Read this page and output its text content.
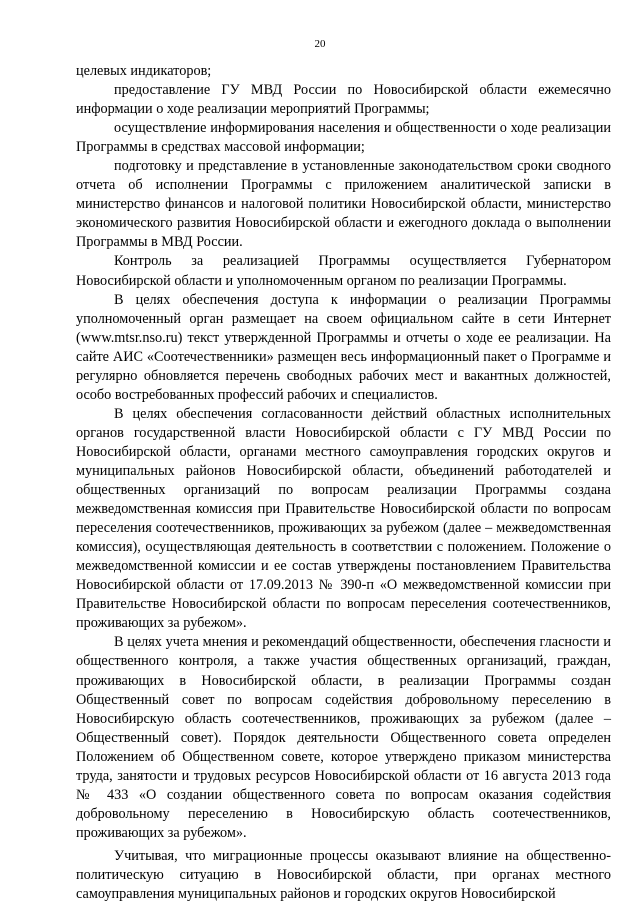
20

целевых индикаторов;

предоставление ГУ МВД России по Новосибирской области ежемесячно информации о ходе реализации мероприятий Программы;

осуществление информирования населения и общественности о ходе реализации Программы в средствах массовой информации;

подготовку и представление в установленные законодательством сроки сводного отчета об исполнении Программы с приложением аналитической записки в министерство финансов и налоговой политики Новосибирской области, министерство экономического развития Новосибирской области и ежегодного доклада о выполнении Программы в МВД России.

Контроль за реализацией Программы осуществляется Губернатором Новосибирской области и уполномоченным органом по реализации Программы.

В целях обеспечения доступа к информации о реализации Программы уполномоченный орган размещает на своем официальном сайте в сети Интернет (www.mtsr.nso.ru) текст утвержденной Программы и отчеты о ходе ее реализации. На сайте АИС «Соотечественники» размещен весь информационный пакет о Программе и регулярно обновляется перечень свободных рабочих мест и вакантных должностей, особо востребованных профессий рабочих и специалистов.

В целях обеспечения согласованности действий областных исполнительных органов государственной власти Новосибирской области с ГУ МВД России по Новосибирской области, органами местного самоуправления городских округов и муниципальных районов Новосибирской области, объединений работодателей и общественных организаций по вопросам реализации Программы создана межведомственная комиссия при Правительстве Новосибирской области по вопросам переселения соотечественников, проживающих за рубежом (далее – межведомственная комиссия), осуществляющая деятельность в соответствии с положением. Положение о межведомственной комиссии и ее состав утверждены постановлением Правительства Новосибирской области от 17.09.2013 № 390-п «О межведомственной комиссии при Правительстве Новосибирской области по вопросам переселения соотечественников, проживающих за рубежом».

В целях учета мнения и рекомендаций общественности, обеспечения гласности и общественного контроля, а также участия общественных организаций, граждан, проживающих в Новосибирской области, в реализации Программы создан Общественный совет по вопросам содействия добровольному переселению в Новосибирскую область соотечественников, проживающих за рубежом (далее – Общественный совет). Порядок деятельности Общественного совета определен Положением об Общественном совете, которое утверждено приказом министерства труда, занятости и трудовых ресурсов Новосибирской области от 16 августа 2013 года № 433 «О создании общественного совета по вопросам оказания содействия добровольному переселению в Новосибирскую область соотечественников, проживающих за рубежом».

Учитывая, что миграционные процессы оказывают влияние на общественно-политическую ситуацию в Новосибирской области, при органах местного самоуправления муниципальных районов и городских округов Новосибирской
